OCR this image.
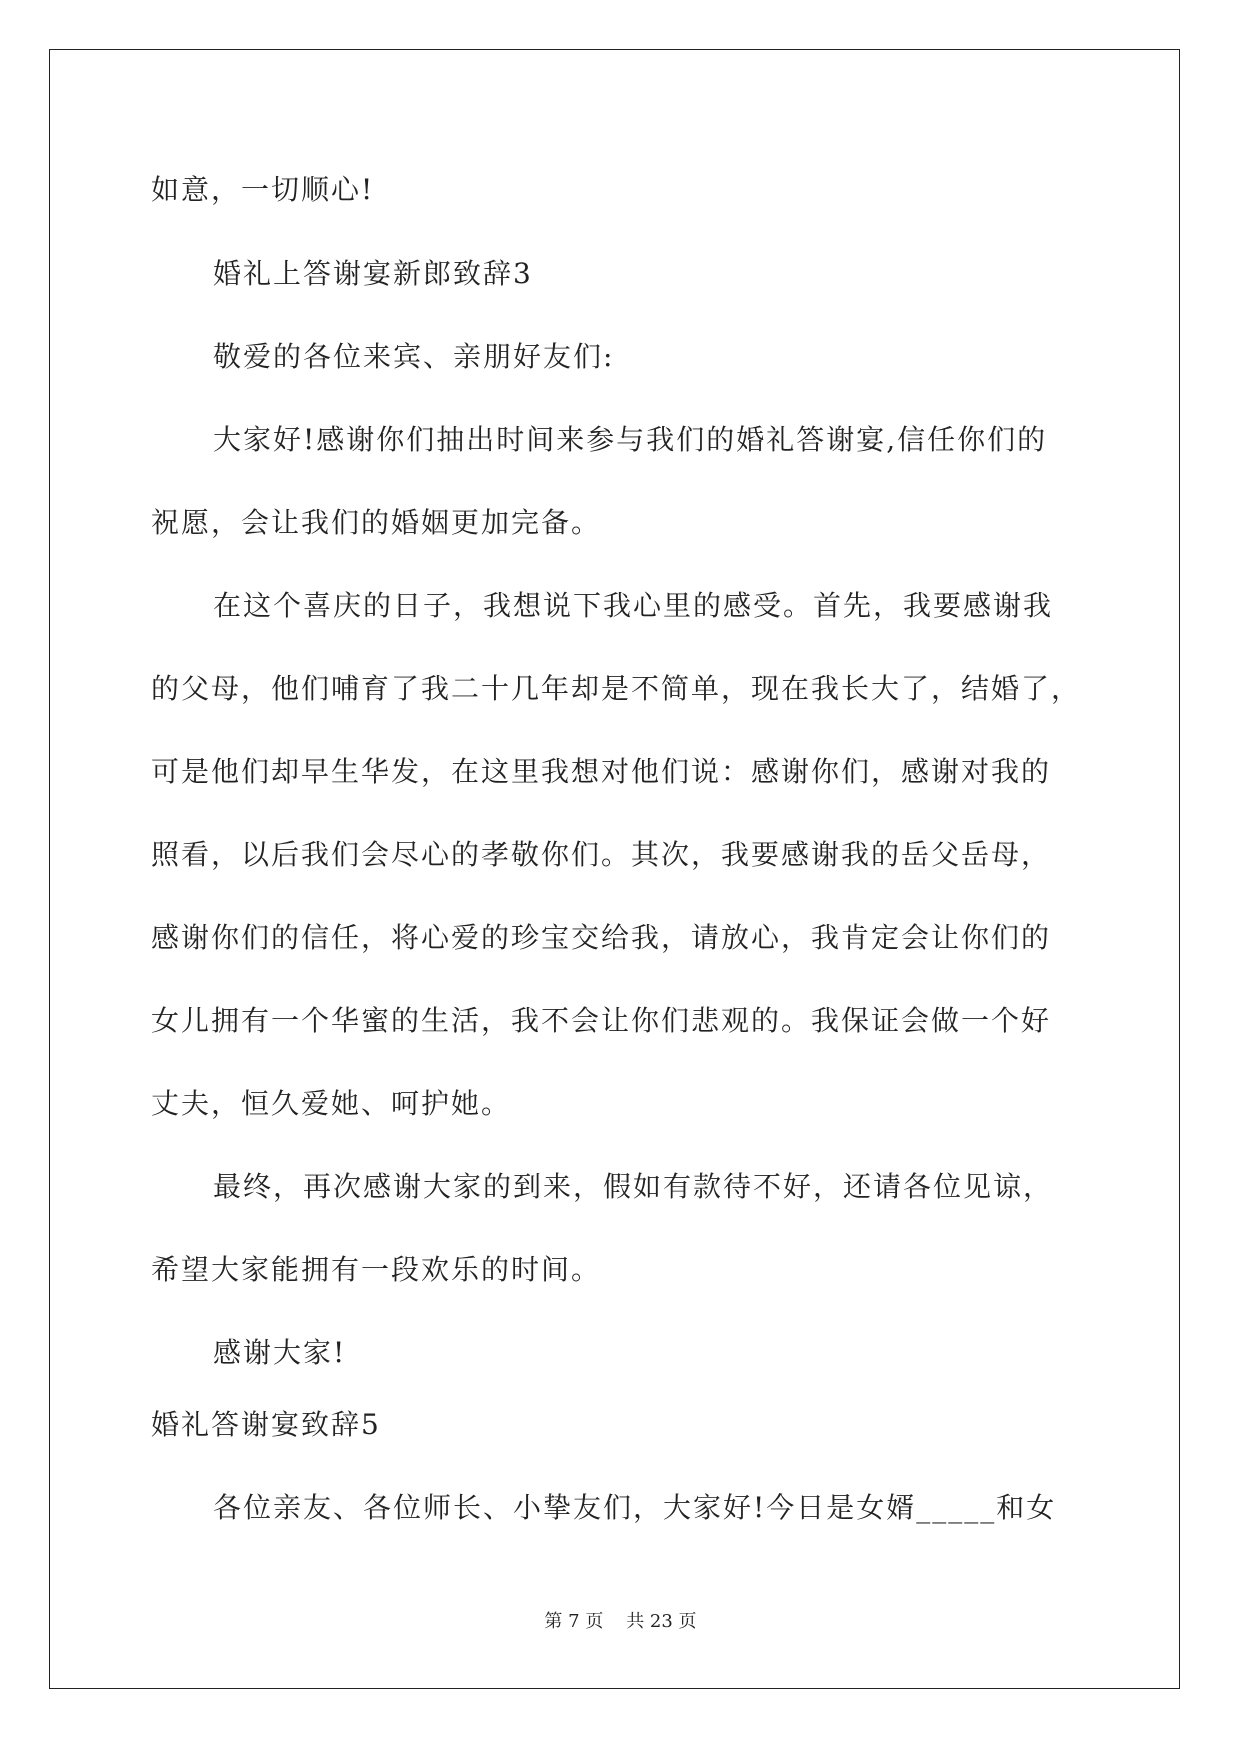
如意，一切顺心!

婚礼上答谢宴新郎致辞3

敬爱的各位来宾、亲朋好友们:

大家好!感谢你们抽出时间来参与我们的婚礼答谢宴,信任你们的

祝愿，会让我们的婚姻更加完备。

在这个喜庆的日子，我想说下我心里的感受。首先，我要感谢我

的父母，他们哺育了我二十几年却是不简单，现在我长大了，结婚了，

可是他们却早生华发，在这里我想对他们说：感谢你们，感谢对我的

照看，以后我们会尽心的孝敬你们。其次，我要感谢我的岳父岳母，

感谢你们的信任，将心爱的珍宝交给我，请放心，我肯定会让你们的

女儿拥有一个华蜜的生活，我不会让你们悲观的。我保证会做一个好

丈夫，恒久爱她、呵护她。

最终，再次感谢大家的到来，假如有款待不好，还请各位见谅，

希望大家能拥有一段欢乐的时间。

感谢大家!

婚礼答谢宴致辞5

各位亲友、各位师长、小挚友们，大家好!今日是女婿_____和女

第 7 页    共 23 页
